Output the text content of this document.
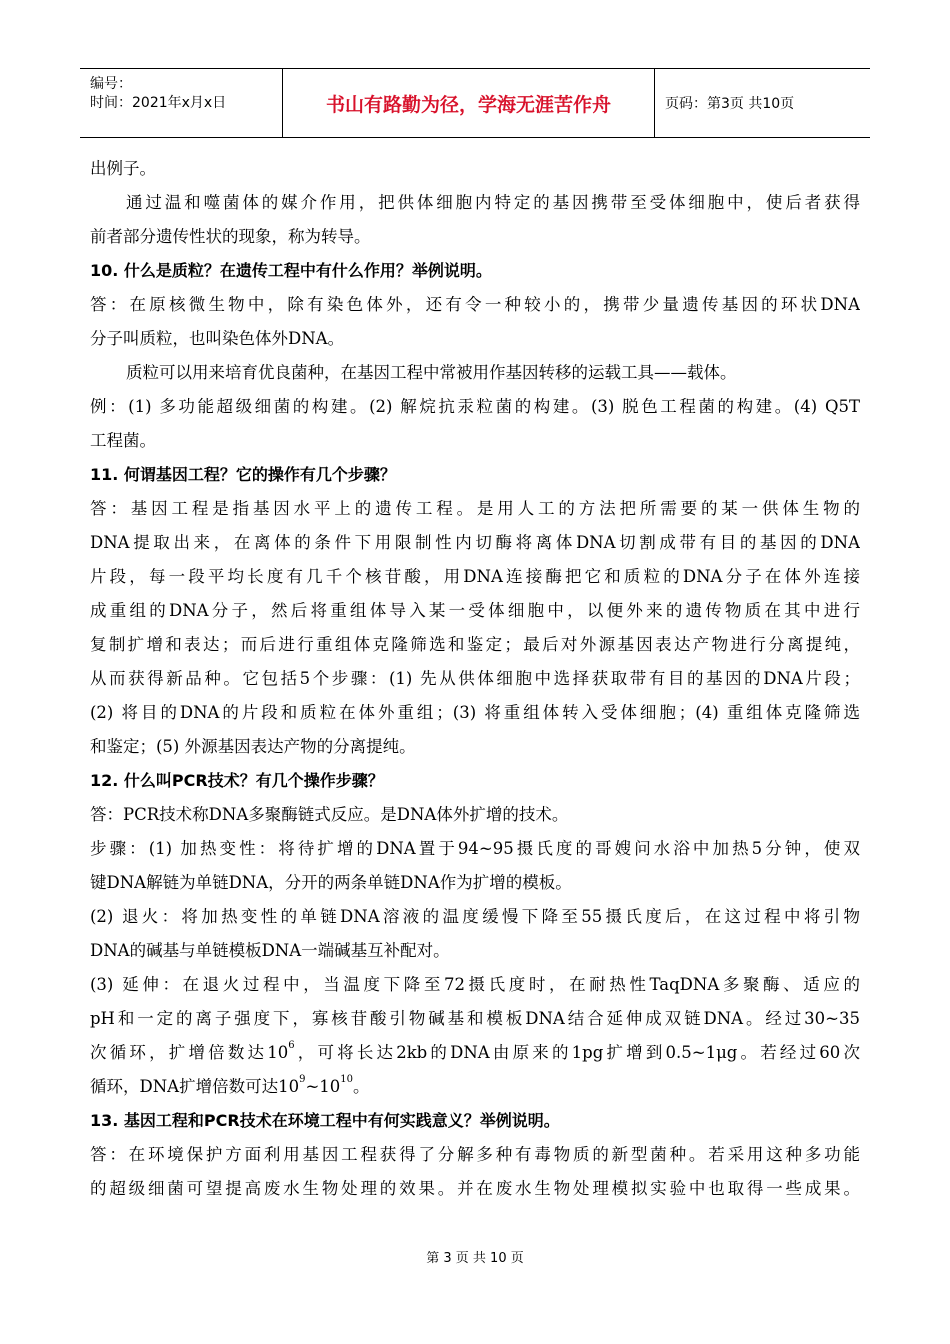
编号：
时间：2021年x月x日	书山有路勤为径，学海无涯苦作舟	页码：第3页 共10页
出例子。
通过温和噬菌体的媒介作用，把供体细胞内特定的基因携带至受体细胞中，使后者获得
前者部分遗传性状的现象，称为转导。
10. 什么是质粒？在遗传工程中有什么作用？举例说明。
答：在原核微生物中，除有染色体外，还有令一种较小的，携带少量遗传基因的环状DNA
分子叫质粒，也叫染色体外DNA。
质粒可以用来培育优良菌种，在基因工程中常被用作基因转移的运载工具——载体。
例：(1) 多功能超级细菌的构建。(2) 解烷抗汞粒菌的构建。(3) 脱色工程菌的构建。(4) Q5T
工程菌。
11. 何谓基因工程？它的操作有几个步骤？
答：基因工程是指基因水平上的遗传工程。是用人工的方法把所需要的某一供体生物的
DNA提取出来，在离体的条件下用限制性内切酶将离体DNA切割成带有目的基因的DNA
片段，每一段平均长度有几千个核苷酸，用DNA连接酶把它和质粒的DNA分子在体外连接
成重组的DNA分子，然后将重组体导入某一受体细胞中，以便外来的遗传物质在其中进行
复制扩增和表达；而后进行重组体克隆筛选和鉴定；最后对外源基因表达产物进行分离提纯，
从而获得新品种。它包括5个步骤：(1) 先从供体细胞中选择获取带有目的基因的DNA片段；
(2) 将目的DNA的片段和质粒在体外重组；(3) 将重组体转入受体细胞；(4) 重组体克隆筛选
和鉴定；(5) 外源基因表达产物的分离提纯。
12. 什么叫PCR技术？有几个操作步骤？
答：PCR技术称DNA多聚酶链式反应。是DNA体外扩增的技术。
步骤：(1) 加热变性：将待扩增的DNA置于94~95摄氏度的哥嫂问水浴中加热5分钟，使双
键DNA解链为单链DNA，分开的两条单链DNA作为扩增的模板。
(2) 退火：将加热变性的单链DNA溶液的温度缓慢下降至55摄氏度后，在这过程中将引物
DNA的碱基与单链模板DNA一端碱基互补配对。
(3) 延伸：在退火过程中，当温度下降至72摄氏度时，在耐热性TaqDNA多聚酶、适应的
pH和一定的离子强度下，寡核苷酸引物碱基和模板DNA结合延伸成双链DNA。经过30~35
次循环，扩增倍数达$10^6$，可将长达2kb的DNA由原来的1pg扩增到0.5~1μg。若经过60次
循环，DNA扩增倍数可达$10^9\sim 10^{10}$。
13. 基因工程和PCR技术在环境工程中有何实践意义？举例说明。
答：在环境保护方面利用基因工程获得了分解多种有毒物质的新型菌种。若采用这种多功能
的超级细菌可望提高废水生物处理的效果。并在废水生物处理模拟实验中也取得一些成果。
第 3 页 共 10 页
